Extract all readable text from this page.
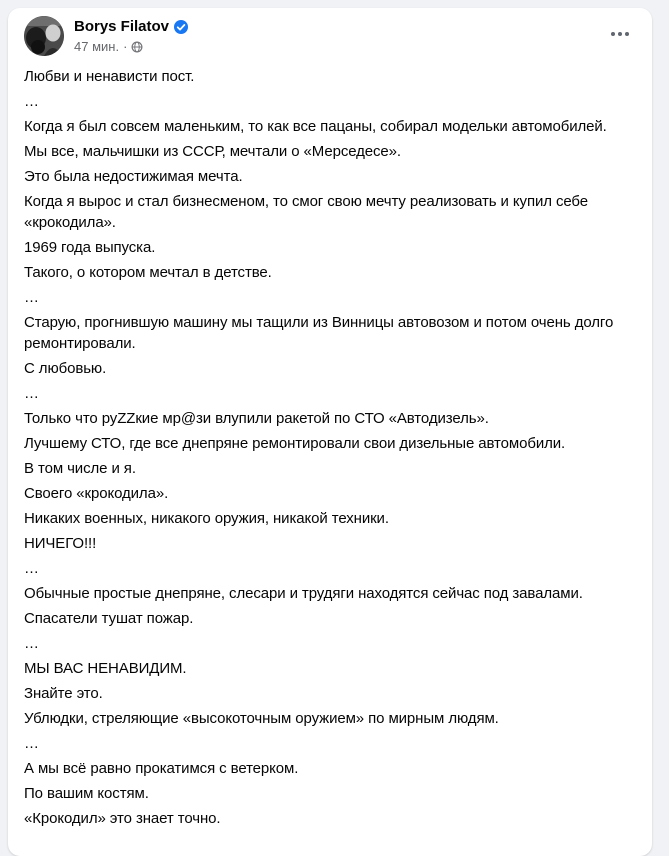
Borys Filatov
47 мин. ·

Любви и ненависти пост.

…

Когда я был совсем маленьким, то как все пацаны, собирал модельки автомобилей.

Мы все, мальчишки из СССР, мечтали о «Мерседесе».

Это была недостижимая мечта.

Когда я вырос и стал бизнесменом, то смог свою мечту реализовать и купил себе «крокодила».

1969 года выпуска.

Такого, о котором мечтал в детстве.

…

Старую, прогнившую машину мы тащили из Винницы автовозом и потом очень долго ремонтировали.

С любовью.

…

Только что руZZкие мр@зи влупили ракетой по СТО «Автодизель».

Лучшему СТО, где все днепряне ремонтировали свои дизельные автомобили.

В том числе и я.

Своего «крокодила».

Никаких военных, никакого оружия, никакой техники.

НИЧЕГО!!!

…

Обычные простые днепряне, слесари и трудяги находятся сейчас под завалами.

Спасатели тушат пожар.

…

МЫ ВАС НЕНАВИДИМ.

Знайте это.

Ублюдки, стреляющие «высокоточным оружием» по мирным людям.

…

А мы всё равно прокатимся с ветерком.

По вашим костям.

«Крокодил» это знает точно.
